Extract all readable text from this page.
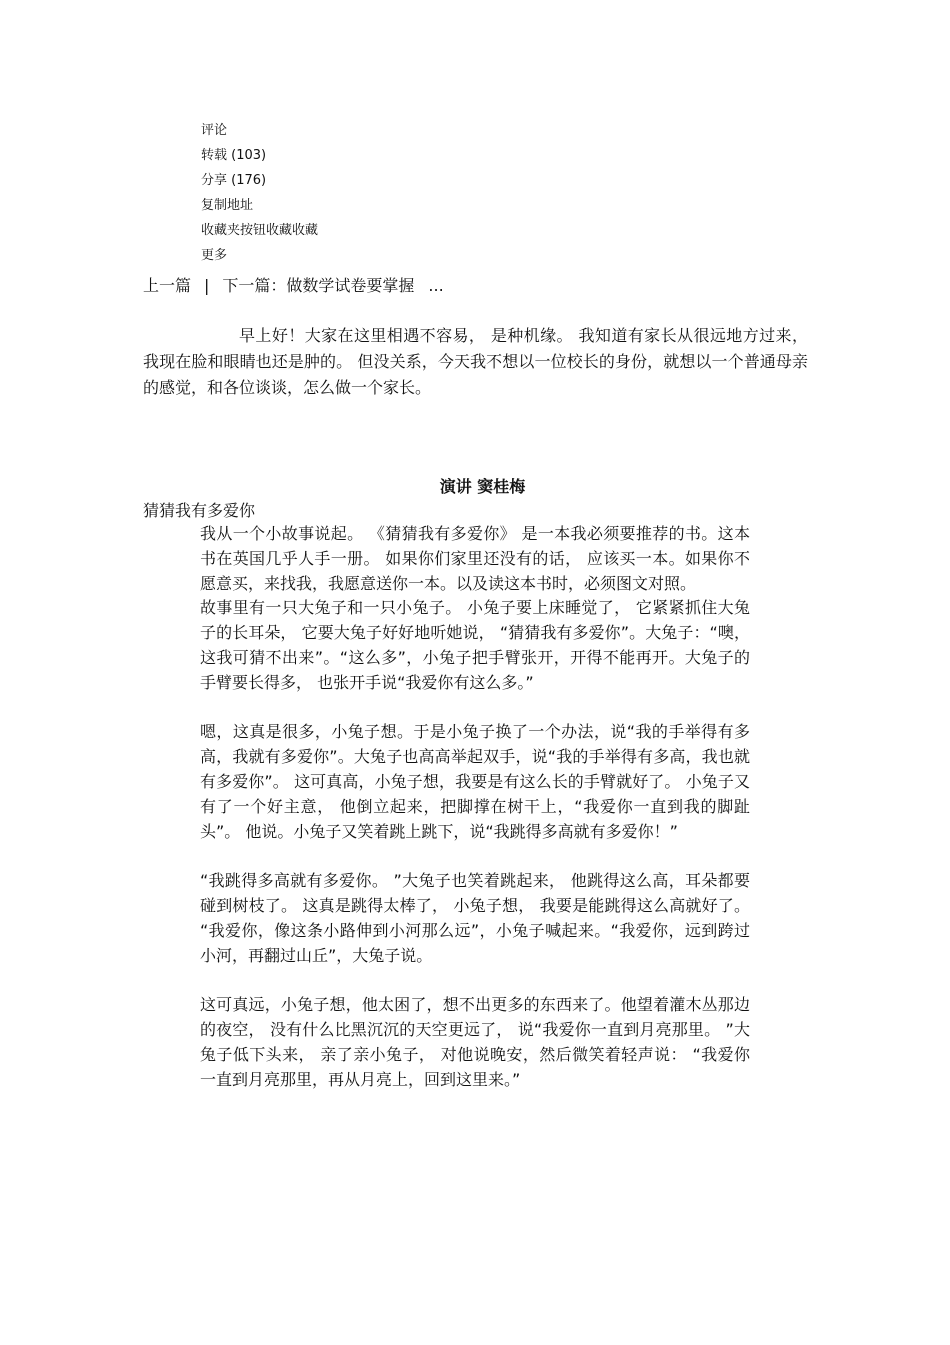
评论
转载 (103)
分享 (176)
复制地址
收藏夹按钮收藏收藏
更多
上一篇 | 下一篇：做数学试卷要掌握 ...

早上好！大家在这里相遇不容易， 是种机缘。 我知道有家长从很远地方过来，我现在脸和眼睛也还是肿的。 但没关系，今天我不想以一位校长的身份，就想以一个普通母亲的感觉，和各位谈谈，怎么做一个家长。

演讲 窦桂梅
猜猜我有多爱你

我从一个小故事说起。 《猜猜我有多爱你》 是一本我必须要推荐的书。这本书在英国几乎人手一册。 如果你们家里还没有的话， 应该买一本。如果你不愿意买，来找我，我愿意送你一本。以及读这本书时，必须图文对照。

故事里有一只大兔子和一只小兔子。 小兔子要上床睡觉了， 它紧紧抓住大兔子的长耳朵， 它要大兔子好好地听她说， “猜猜我有多爱你”。大兔子：“噢，这我可猜不出来”。“这么多”，小兔子把手臂张开，开得不能再开。大兔子的手臂要长得多， 也张开手说“我爱你有这么多。”

嗯，这真是很多，小兔子想。于是小兔子换了一个办法，说“我的手举得有多高，我就有多爱你”。大兔子也高高举起双手，说“我的手举得有多高，我也就有多爱你”。 这可真高，小兔子想，我要是有这么长的手臂就好了。 小兔子又有了一个好主意， 他倒立起来，把脚撑在树干上，“我爱你一直到我的脚趾头”。 他说。小兔子又笑着跳上跳下，说“我跳得多高就有多爱你！”

“我跳得多高就有多爱你。 ”大兔子也笑着跳起来， 他跳得这么高，耳朵都要碰到树枝了。 这真是跳得太棒了， 小兔子想， 我要是能跳得这么高就好了。 “我爱你，像这条小路伸到小河那么远”，小兔子喊起来。“我爱你，远到跨过小河，再翻过山丘”，大兔子说。

这可真远，小兔子想，他太困了，想不出更多的东西来了。他望着灌木丛那边的夜空， 没有什么比黑沉沉的天空更远了， 说“我爱你一直到月亮那里。 ”大兔子低下头来， 亲了亲小兔子， 对他说晚安，然后微笑着轻声说： “我爱你一直到月亮那里，再从月亮上，回到这里来。”
